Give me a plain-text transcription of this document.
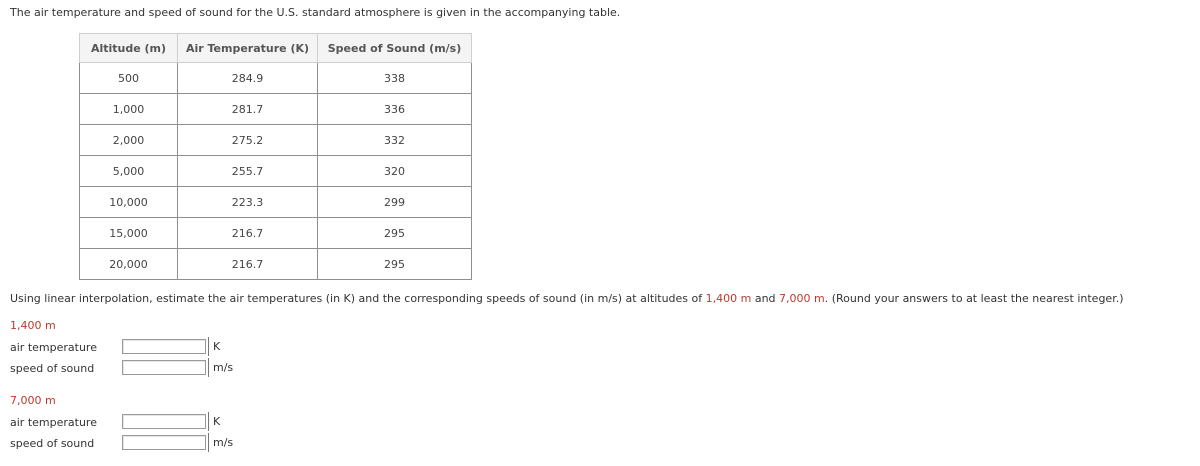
The air temperature and speed of sound for the U.S. standard atmosphere is given in the accompanying table.
Altitude (m)	Air Temperature (K)	Speed of Sound (m/s)
500	284.9	338
1,000	281.7	336
2,000	275.2	332
5,000	255.7	320
10,000	223.3	299
15,000	216.7	295
20,000	216.7	295
Using linear interpolation, estimate the air temperatures (in K) and the corresponding speeds of sound (in m/s) at altitudes of 1,400 m and 7,000 m. (Round your answers to at least the nearest integer.)
1,400 m
air temperature	K
speed of sound	m/s
7,000 m
air temperature	K
speed of sound	m/s
